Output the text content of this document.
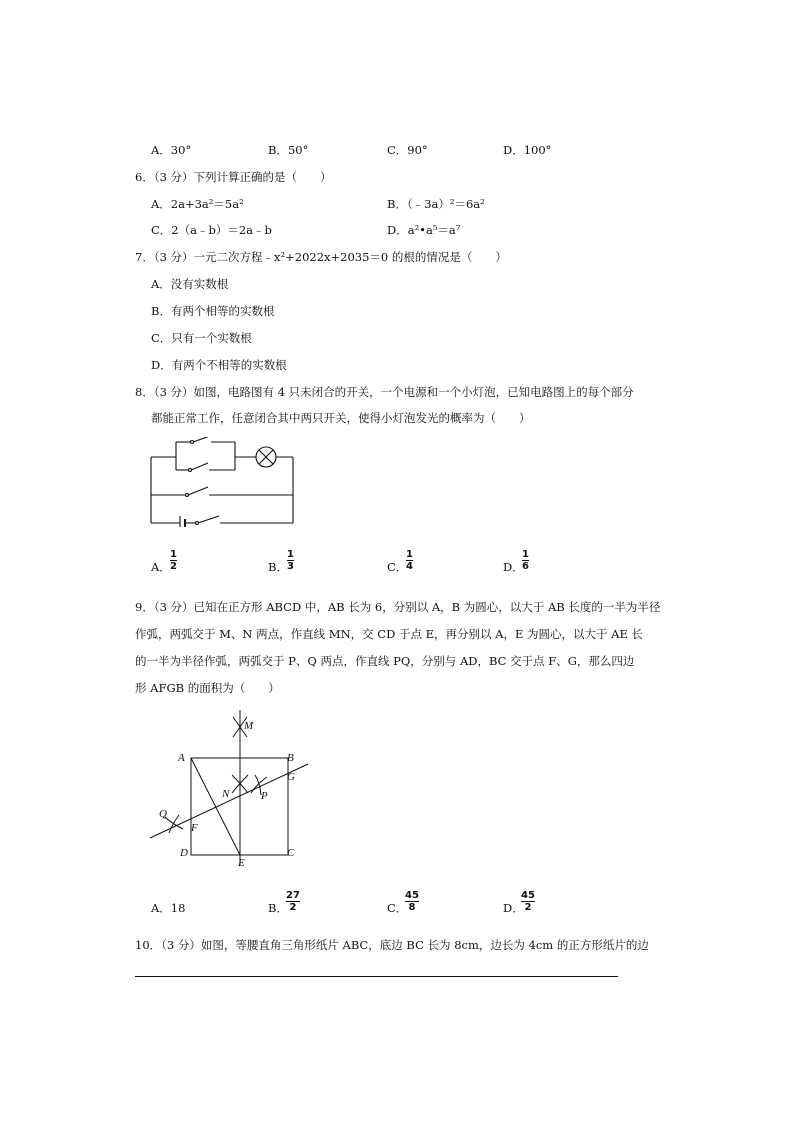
A．30°	B．50°	C．90°	D．100°
6．（3 分）下列计算正确的是（　　）
A．2a+3a²＝5a²	B．（﹣3a）²＝6a²
C．2（a﹣b）＝2a﹣b	D．a²•a⁵＝a⁷
7．（3 分）一元二次方程﹣x²+2022x+2035＝0 的根的情况是（　　）
A．没有实数根
B．有两个相等的实数根
C．只有一个实数根
D．有两个不相等的实数根
8．（3 分）如图，电路图有 4 只未闭合的开关，一个电源和一个小灯泡，已知电路图上的每个部分
都能正常工作，任意闭合其中两只开关，使得小灯泡发光的概率为（　　）
A． $\frac{1}{2}$	B． $\frac{1}{3}$	C．
$\frac{1}{4}$	D．
$\frac{1}{6}$
9．（3 分）已知在正方形 ABCD 中，AB 长为 6，分别以 A，B 为圆心，以大于 AB 长度的一半为半径
作弧，两弧交于 M、N 两点，作直线 MN，交 CD 于点 E，再分别以 A，E 为圆心，以大于 AE 长
的一半为半径作弧，两弧交于 P、Q 两点，作直线 PQ，分别与 AD，BC 交于点 F、G，那么四边
形 AFGB 的面积为（　　）
M
A	B
G
N	P
Q
F
D
E
C
A．18	B．
$\frac{27}{2}$	C．
$\frac{45}{8}$	D．
$\frac{45}{2}$
10．（3 分）如图，等腰直角三角形纸片 ABC，底边 BC 长为 8cm，边长为 4cm 的正方形纸片的边
